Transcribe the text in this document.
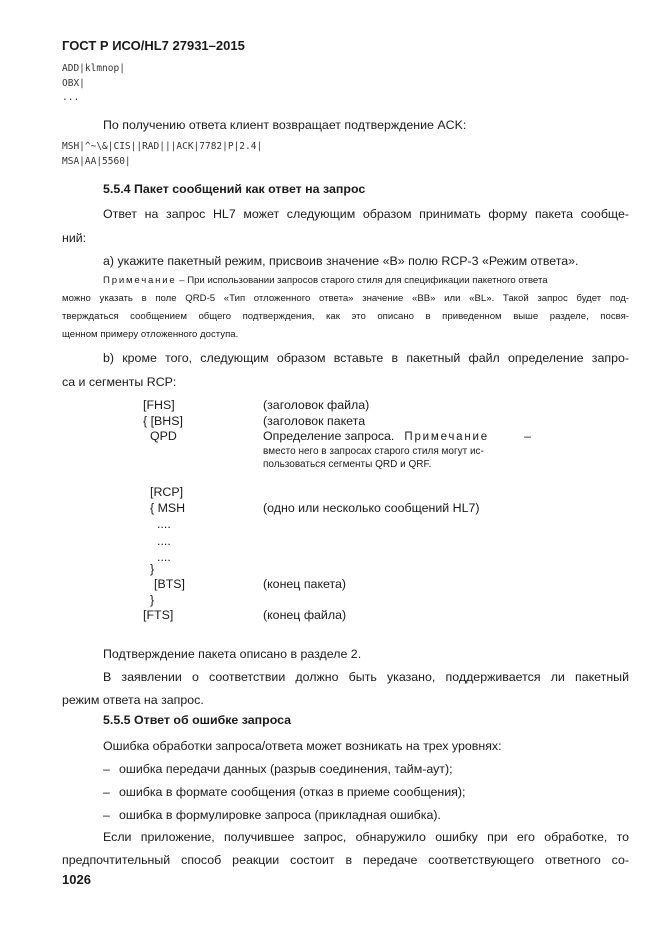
ГОСТ Р ИСО/HL7 27931–2015
ADD|klmnop|
OBX|
...
По получению ответа клиент возвращает подтверждение ACK:
MSH|^~\&|CIS||RAD|||ACK|7782|P|2.4|
MSA|AA|5560|
5.5.4 Пакет сообщений как ответ на запрос
Ответ на запрос HL7 может следующим образом принимать форму пакета сообще-
ний:
а) укажите пакетный режим, присвоив значение «B» полю RCP-3 «Режим ответа».
Примечание – При использовании запросов старого стиля для спецификации пакетного ответа
можно указать в поле QRD-5 «Тип отложенного ответа» значение «BB» или «BL». Такой запрос будет под-
тверждаться сообщением общего подтверждения, как это описано в приведенном выше разделе, посвя-
щенном примеру отложенного доступа.
b) кроме того, следующим образом вставьте в пакетный файл определение запро-
са и сегменты RCP:
[FHS]
{ [BHS]
QPD
[RCP]
{ MSH
....
....
....
}
[BTS]
}
[FTS]
(заголовок файла)
(заголовок пакета
Определение запроса. Примечание	–
вместо него в запросах старого стиля могут ис-
пользоваться сегменты QRD и QRF.
(одно или несколько сообщений HL7)
(конец пакета)
(конец файла)
Подтверждение пакета описано в разделе 2.
В заявлении о соответствии должно быть указано, поддерживается ли пакетный
режим ответа на запрос.
5.5.5 Ответ об ошибке запроса
Ошибка обработки запроса/ответа может возникать на трех уровнях:
– ошибка передачи данных (разрыв соединения, тайм-аут);
– ошибка в формате сообщения (отказ в приеме сообщения);
– ошибка в формулировке запроса (прикладная ошибка).
Если приложение, получившее запрос, обнаружило ошибку при его обработке, то
предпочтительный способ реакции состоит в передаче соответствующего ответного со-
1026
